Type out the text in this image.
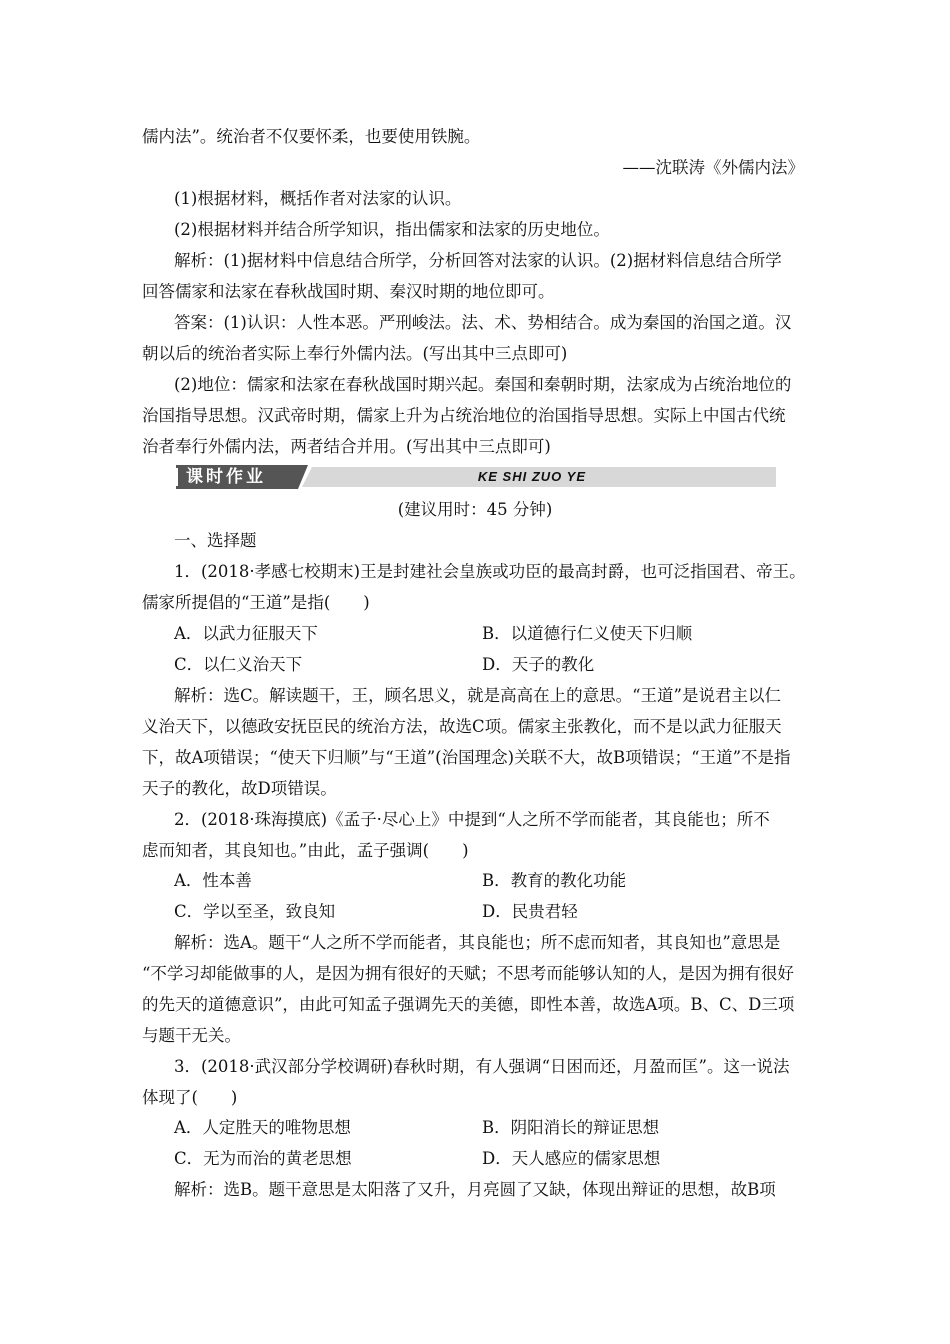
儒内法”。统治者不仅要怀柔，也要使用铁腕。
——沈联涛《外儒内法》
(1)根据材料，概括作者对法家的认识。
(2)根据材料并结合所学知识，指出儒家和法家的历史地位。
解析：(1)据材料中信息结合所学，分析回答对法家的认识。(2)据材料信息结合所学
回答儒家和法家在春秋战国时期、秦汉时期的地位即可。
答案：(1)认识：人性本恶。严刑峻法。法、术、势相结合。成为秦国的治国之道。汉
朝以后的统治者实际上奉行外儒内法。(写出其中三点即可)
(2)地位：儒家和法家在春秋战国时期兴起。秦国和秦朝时期，法家成为占统治地位的
治国指导思想。汉武帝时期，儒家上升为占统治地位的治国指导思想。实际上中国古代统
治者奉行外儒内法，两者结合并用。(写出其中三点即可)
课时作业	KE SHI ZUO YE
(建议用时：45 分钟)
一、选择题
1．(2018·孝感七校期末)王是封建社会皇族或功臣的最高封爵，也可泛指国君、帝王。
儒家所提倡的“王道”是指(　　)
A．以武力征服天下	B．以道德行仁义使天下归顺
C．以仁义治天下	D．天子的教化
解析：选C。解读题干，王，顾名思义，就是高高在上的意思。“王道”是说君主以仁
义治天下，以德政安抚臣民的统治方法，故选C项。儒家主张教化，而不是以武力征服天
下，故A项错误；“使天下归顺”与“王道”(治国理念)关联不大，故B项错误；“王道”不是指
天子的教化，故D项错误。
2．(2018·珠海摸底)《孟子·尽心上》中提到“人之所不学而能者，其良能也；所不
虑而知者，其良知也。”由此，孟子强调(　　)
A．性本善	B．教育的教化功能
C．学以至圣，致良知	D．民贵君轻
解析：选A。题干“人之所不学而能者，其良能也；所不虑而知者，其良知也”意思是
“不学习却能做事的人，是因为拥有很好的天赋；不思考而能够认知的人，是因为拥有很好
的先天的道德意识”，由此可知孟子强调先天的美德，即性本善，故选A项。B、C、D三项
与题干无关。
3．(2018·武汉部分学校调研)春秋时期，有人强调“日困而还，月盈而匡”。这一说法
体现了(　　)
A．人定胜天的唯物思想	B．阴阳消长的辩证思想
C．无为而治的黄老思想	D．天人感应的儒家思想
解析：选B。题干意思是太阳落了又升，月亮圆了又缺，体现出辩证的思想，故B项
